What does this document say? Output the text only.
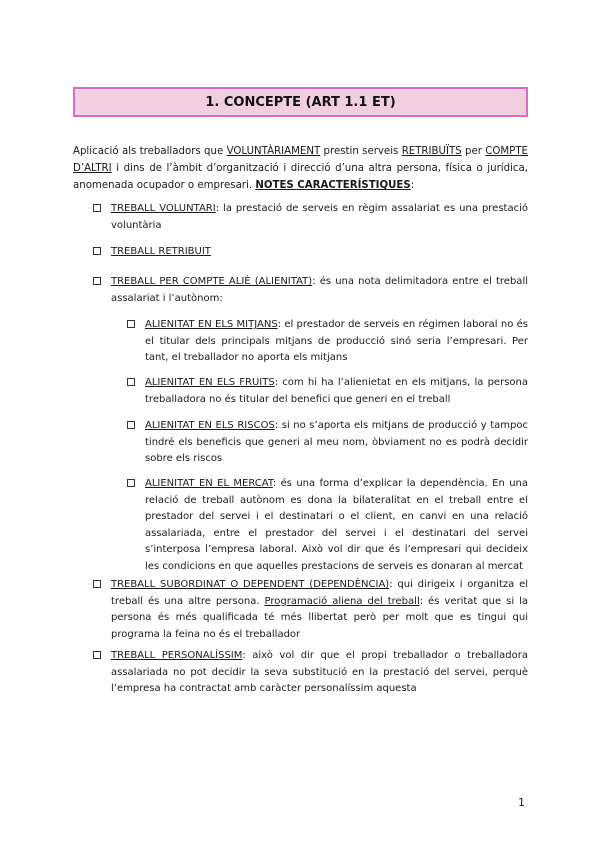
1. CONCEPTE (ART 1.1 ET)
Aplicació als treballadors que VOLUNTÀRIAMENT prestin serveis RETRIBUÏTS per COMPTE D’ALTRI i dins de l’àmbit d’organització i direcció d’una altra persona, física o jurídica, anomenada ocupador o empresari. NOTES CARACTERÍSTIQUES:
TREBALL VOLUNTARI: la prestació de serveis en règim assalariat es una prestació voluntària
TREBALL RETRIBUIT
TREBALL PER COMPTE ALIÈ (ALIENITAT): és una nota delimitadora entre el treball assalariat i l’autònom:
ALIENITAT EN ELS MITJANS: el prestador de serveis en régimen laboral no és el titular dels principals mitjans de producció sinó seria l’empresari. Per tant, el treballador no aporta els mitjans
ALIENITAT EN ELS FRUITS: com hi ha l’alienietat en els mitjans, la persona treballadora no és titular del benefici que generi en el treball
ALIENITAT EN ELS RISCOS: si no s’aporta els mitjans de producció y tampoc tindré els beneficis que generi al meu nom, òbviament no es podrà decidir sobre els riscos
ALIENITAT EN EL MERCAT: és una forma d’explicar la dependència. En una relació de treball autònom es dona la bilateralitat en el treball entre el prestador del servei i el destinatari o el client, en canvi en una relació assalariada, entre el prestador del servei i el destinatari del servei s’interposa l’empresa laboral. Això vol dir que és l’empresari qui decideix les condicions en que aquelles prestacions de serveis es donaran al mercat
TREBALL SUBORDINAT O DEPENDENT (DEPENDÈNCIA): qui dirigeix i organitza el treball és una altre persona. Programació aliena del treball: és veritat que si la persona és més qualificada té més llibertat però per molt que es tingui qui programa la feina no és el treballador
TREBALL PERSONALÍSSIM: això vol dir que el propi treballador o treballadora assalariada no pot decidir la seva substitució en la prestació del servei, perquè l’empresa ha contractat amb caràcter personalíssim aquesta
1
